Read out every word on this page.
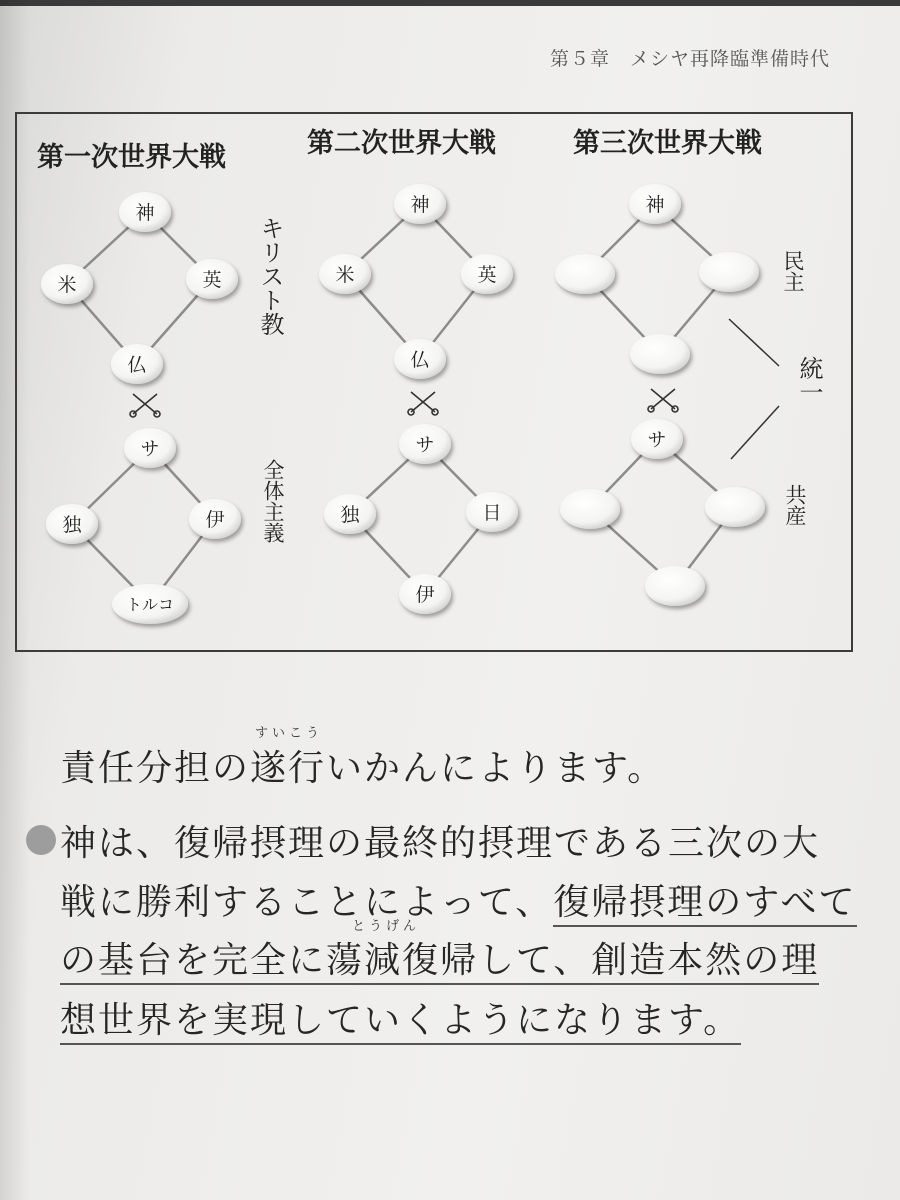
第５章　メシヤ再降臨準備時代
第一次世界大戦	第二次世界大戦	第三次世界大戦
神
米	英
仏
サ
独	伊
トルコ
キリスト教
全体主義
神
米	英
仏
サ
独	日
伊
神
サ
民主
統一
共産
すいこう
責任分担の遂行いかんによります。
神は、復帰摂理の最終的摂理である三次の大
戦に勝利することによって、復帰摂理のすべて
とうげん
の基台を完全に蕩減復帰して、創造本然の理
想世界を実現していくようになります。
